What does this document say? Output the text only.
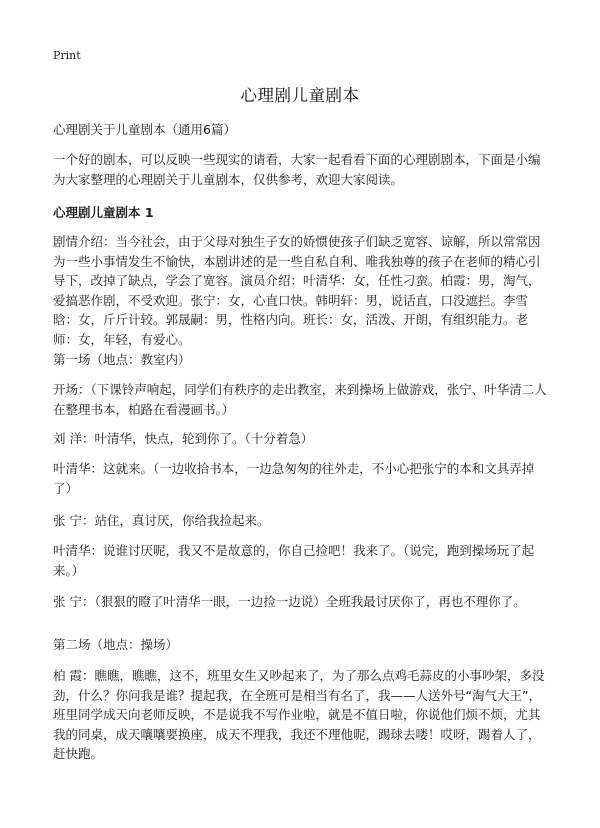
Print
心理剧儿童剧本
心理剧关于儿童剧本（通用6篇）

一个好的剧本，可以反映一些现实的请看，大家一起看看下面的心理剧剧本，下面是小编为大家整理的心理剧关于儿童剧本，仅供参考，欢迎大家阅读。

心理剧儿童剧本 1

剧情介绍：当今社会，由于父母对独生子女的娇惯使孩子们缺乏宽容、谅解，所以常常因为一些小事情发生不愉快，本剧讲述的是一些自私自利、唯我独尊的孩子在老师的精心引导下，改掉了缺点，学会了宽容。演员介绍：叶清华：女，任性刁蛮。柏霞：男，淘气，爱搞恶作剧，不受欢迎。张宁：女，心直口快。韩明轩：男，说话直，口没遮拦。李雪晗：女，斤斤计较。郭晟嗣：男，性格内向。班长：女，活泼、开朗，有组织能力。老师：女，年轻，有爱心。

第一场（地点：教室内）

开场：（下课铃声响起，同学们有秩序的走出教室，来到操场上做游戏，张宁、叶华清二人在整理书本，柏路在看漫画书。）

刘 洋：叶清华，快点，轮到你了。（十分着急）

叶清华：这就来。（一边收拾书本，一边急匆匆的往外走，不小心把张宁的本和文具弄掉了）

张 宁：站住，真讨厌，你给我捡起来。

叶清华：说谁讨厌呢，我又不是故意的，你自己捡吧！我来了。（说完，跑到操场玩了起来。）

张 宁：（狠狠的瞪了叶清华一眼，一边捡一边说）全班我最讨厌你了，再也不理你了。

第二场（地点：操场）

柏 霞：瞧瞧，瞧瞧，这不，班里女生又吵起来了，为了那么点鸡毛蒜皮的小事吵架，多没劲，什么？你问我是谁？提起我，在全班可是相当有名了，我——人送外号“淘气大王”，班里同学成天向老师反映，不是说我不写作业啦，就是不值日啦，你说他们烦不烦，尤其我的同桌，成天嚷嚷要换座，成天不理我，我还不理他呢，踢球去喽！哎呀，踢着人了，赶快跑。
